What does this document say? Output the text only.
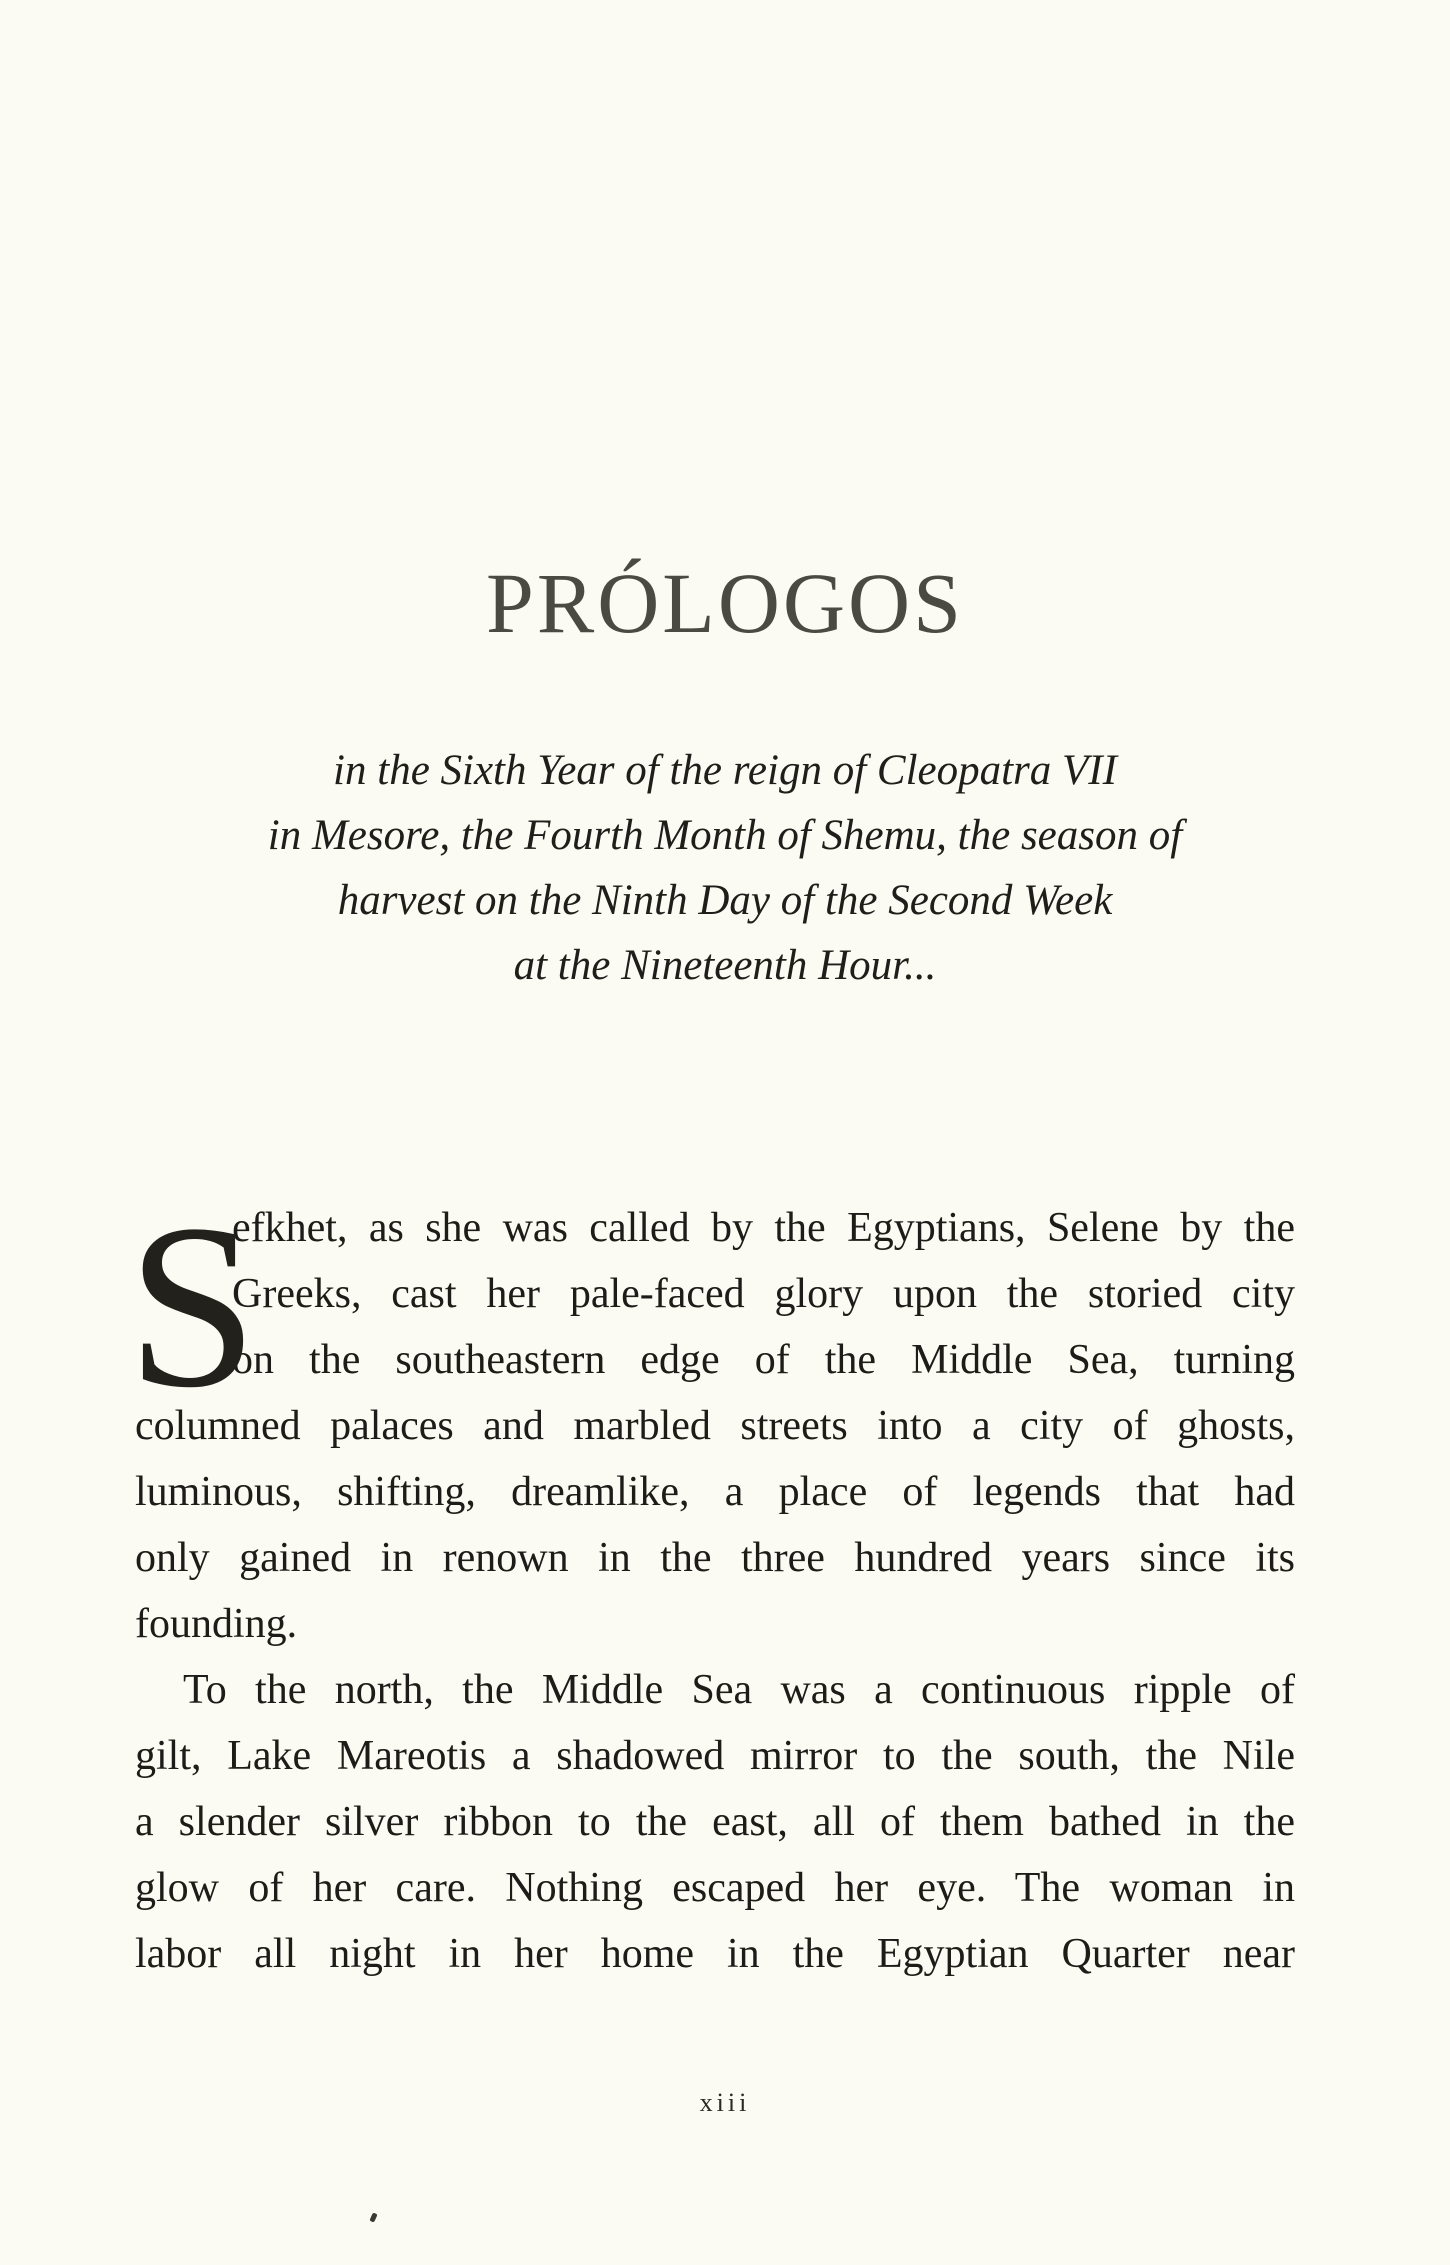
PRÓLOGOS
in the Sixth Year of the reign of Cleopatra VII
in Mesore, the Fourth Month of Shemu, the season of
harvest on the Ninth Day of the Second Week
at the Nineteenth Hour...
S
efkhet, as she was called by the Egyptians, Selene by the
Greeks, cast her pale-faced glory upon the storied city
on the southeastern edge of the Middle Sea, turning
columned palaces and marbled streets into a city of ghosts,
luminous, shifting, dreamlike, a place of legends that had
only gained in renown in the three hundred years since its
founding.
To the north, the Middle Sea was a continuous ripple of
gilt, Lake Mareotis a shadowed mirror to the south, the Nile
a slender silver ribbon to the east, all of them bathed in the
glow of her care. Nothing escaped her eye. The woman in
labor all night in her home in the Egyptian Quarter near
xiii
